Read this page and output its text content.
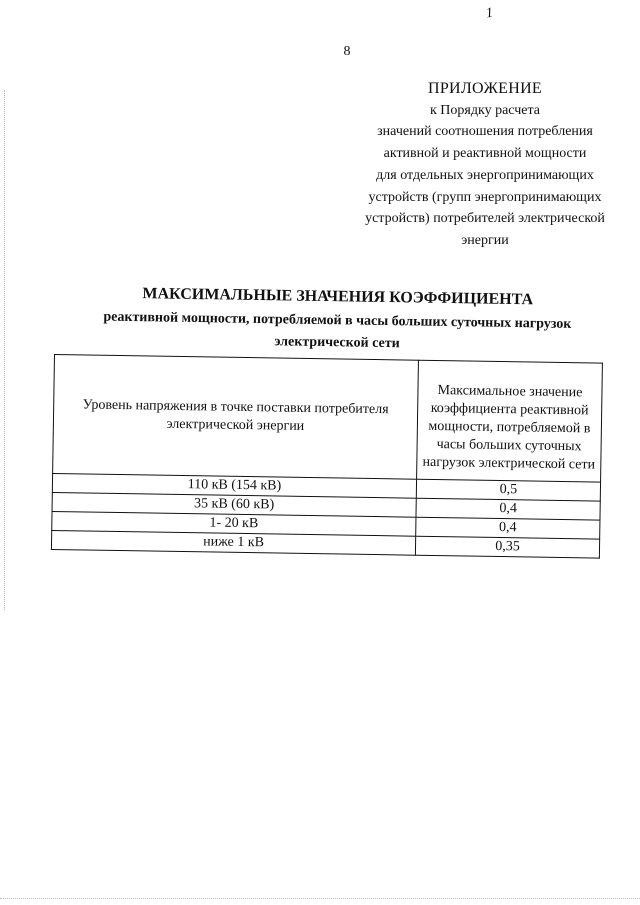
1
8
ПРИЛОЖЕНИЕ
к Порядку расчета
значений соотношения потребления
активной и реактивной мощности
для отдельных энергопринимающих
устройств (групп энергопринимающих
устройств) потребителей электрической
энергии
МАКСИМАЛЬНЫЕ ЗНАЧЕНИЯ КОЭФФИЦИЕНТА
реактивной мощности, потребляемой в часы больших суточных нагрузок
электрической сети
Уровень напряжения в точке поставки потребителя электрической энергии	Максимальное значение коэффициента реактивной мощности, потребляемой в часы больших суточных нагрузок электрической сети
110 кВ (154 кВ)	0,5
35 кВ (60 кВ)	0,4
1- 20 кВ	0,4
ниже 1 кВ	0,35
